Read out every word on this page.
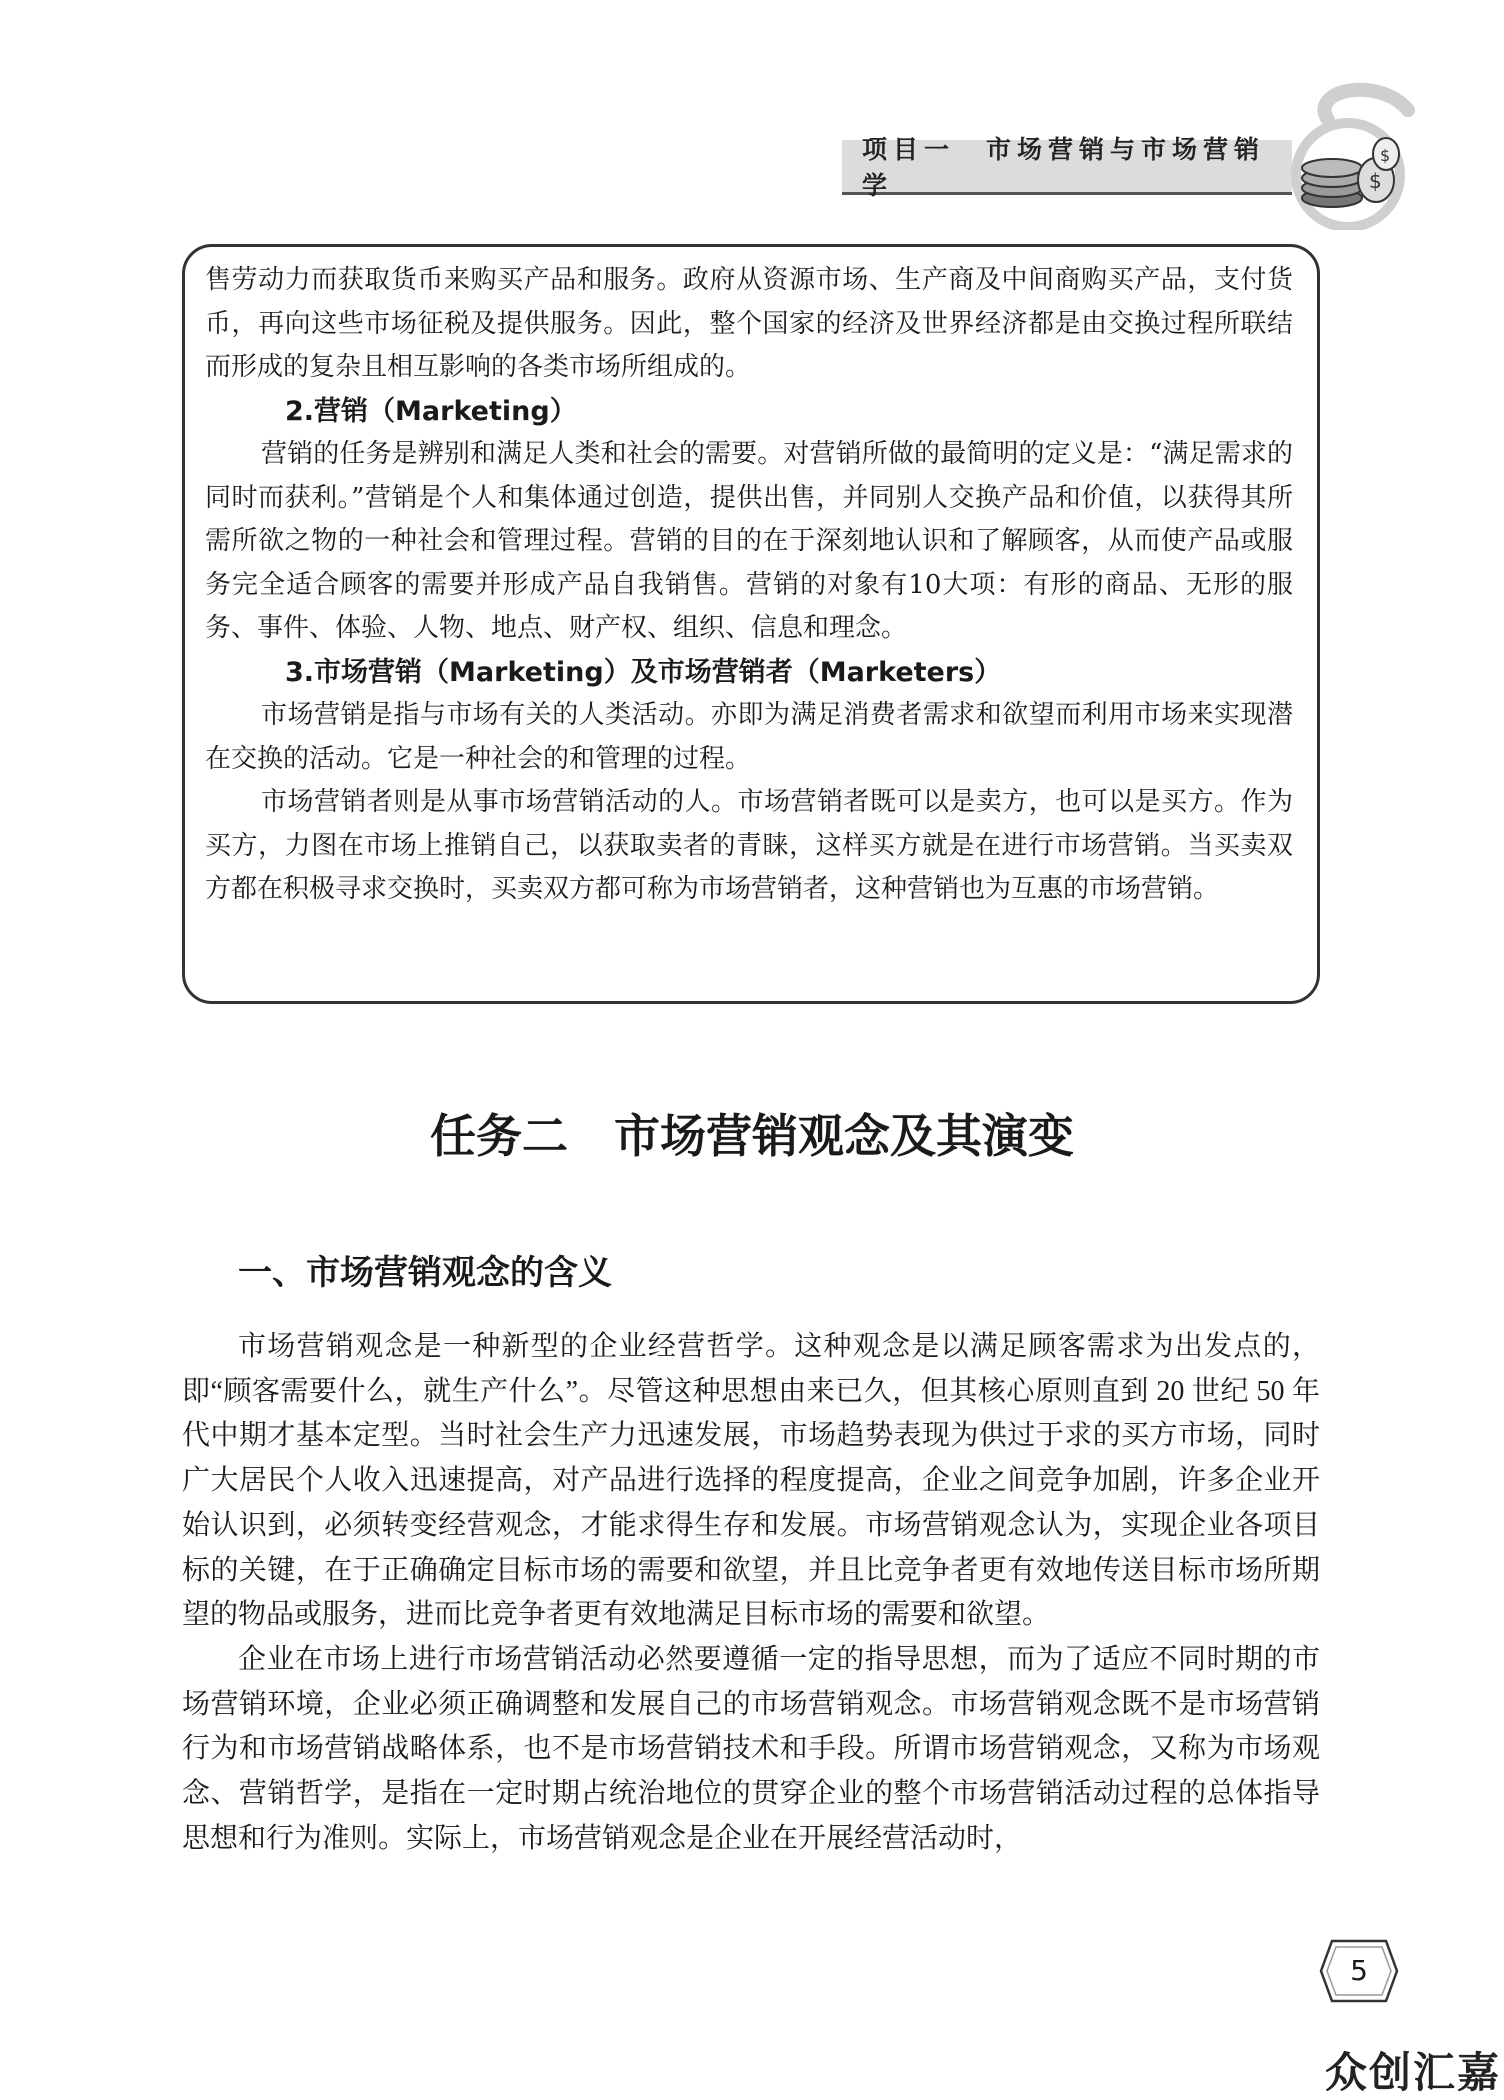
项目一　市场营销与市场营销学	$
$

售劳动力而获取货币来购买产品和服务。政府从资源市场、生产商及中间商购买产品，支付货币，再向这些市场征税及提供服务。因此，整个国家的经济及世界经济都是由交换过程所联结而形成的复杂且相互影响的各类市场所组成的。

2.营销（Marketing）

营销的任务是辨别和满足人类和社会的需要。对营销所做的最简明的定义是：“满足需求的同时而获利。”营销是个人和集体通过创造，提供出售，并同别人交换产品和价值，以获得其所需所欲之物的一种社会和管理过程。营销的目的在于深刻地认识和了解顾客，从而使产品或服务完全适合顾客的需要并形成产品自我销售。营销的对象有10大项：有形的商品、无形的服务、事件、体验、人物、地点、财产权、组织、信息和理念。

3.市场营销（Marketing）及市场营销者（Marketers）

市场营销是指与市场有关的人类活动。亦即为满足消费者需求和欲望而利用市场来实现潜在交换的活动。它是一种社会的和管理的过程。

市场营销者则是从事市场营销活动的人。市场营销者既可以是卖方，也可以是买方。作为买方，力图在市场上推销自己，以获取卖者的青睐，这样买方就是在进行市场营销。当买卖双方都在积极寻求交换时，买卖双方都可称为市场营销者，这种营销也为互惠的市场营销。

任务二　市场营销观念及其演变
一、市场营销观念的含义

市场营销观念是一种新型的企业经营哲学。这种观念是以满足顾客需求为出发点的，即“顾客需要什么，就生产什么”。尽管这种思想由来已久，但其核心原则直到 20 世纪 50 年代中期才基本定型。当时社会生产力迅速发展，市场趋势表现为供过于求的买方市场，同时广大居民个人收入迅速提高，对产品进行选择的程度提高，企业之间竞争加剧，许多企业开始认识到，必须转变经营观念，才能求得生存和发展。市场营销观念认为，实现企业各项目标的关键，在于正确确定目标市场的需要和欲望，并且比竞争者更有效地传送目标市场所期望的物品或服务，进而比竞争者更有效地满足目标市场的需要和欲望。

企业在市场上进行市场营销活动必然要遵循一定的指导思想，而为了适应不同时期的市场营销环境，企业必须正确调整和发展自己的市场营销观念。市场营销观念既不是市场营销行为和市场营销战略体系，也不是市场营销技术和手段。所谓市场营销观念，又称为市场观念、营销哲学，是指在一定时期占统治地位的贯穿企业的整个市场营销活动过程的总体指导思想和行为准则。实际上，市场营销观念是企业在开展经营活动时，

5
众创汇嘉
